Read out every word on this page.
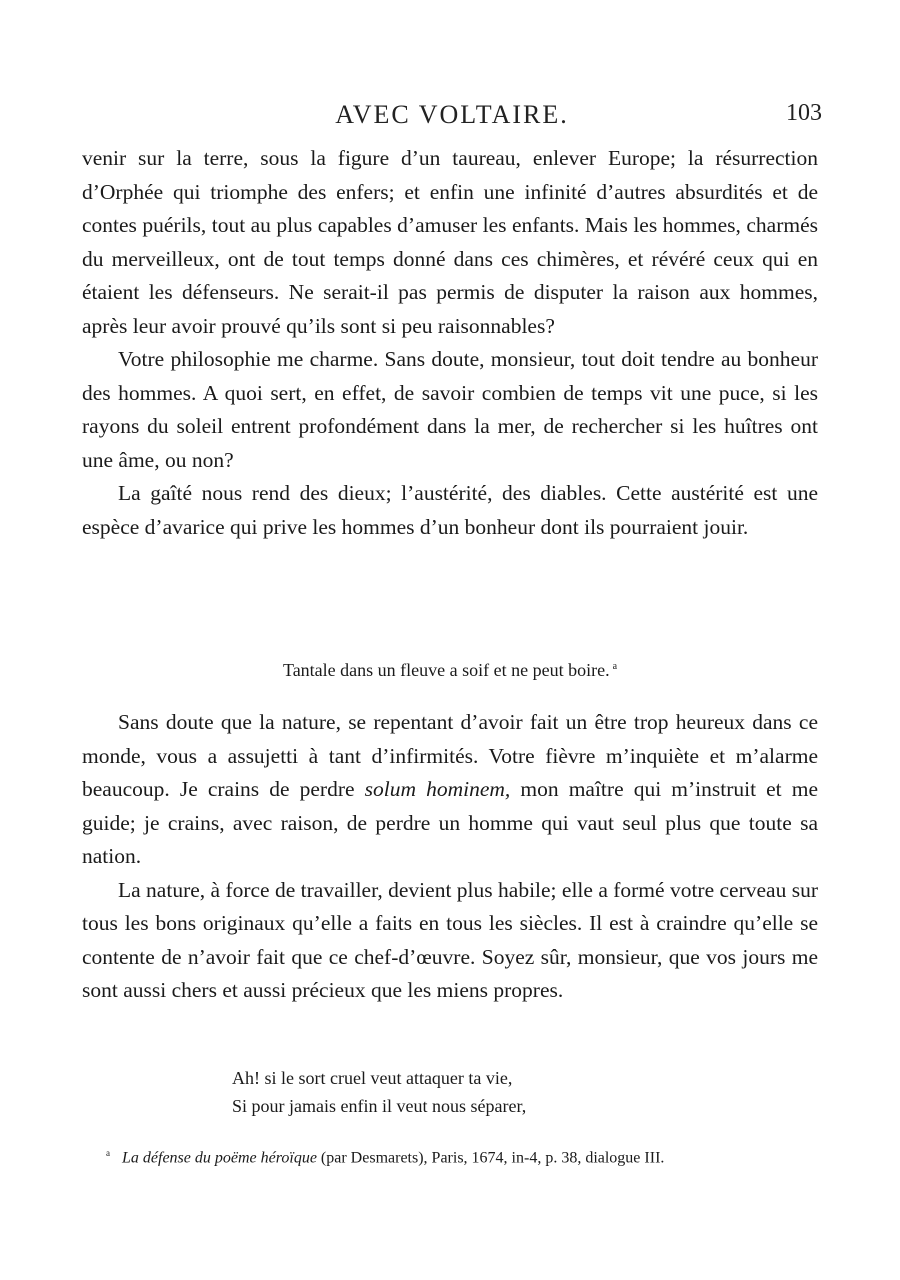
AVEC VOLTAIRE.	103

venir sur la terre, sous la figure d’un taureau, enlever Europe; la résurrection d’Orphée qui triomphe des enfers; et enfin une infinité d’autres absurdités et de contes puérils, tout au plus capables d’amuser les enfants. Mais les hommes, charmés du merveilleux, ont de tout temps donné dans ces chimères, et révéré ceux qui en étaient les défenseurs. Ne serait-il pas permis de disputer la raison aux hommes, après leur avoir prouvé qu’ils sont si peu raisonnables?

Votre philosophie me charme. Sans doute, monsieur, tout doit tendre au bonheur des hommes. A quoi sert, en effet, de savoir combien de temps vit une puce, si les rayons du soleil entrent profondément dans la mer, de rechercher si les huîtres ont une âme, ou non?

La gaîté nous rend des dieux; l’austérité, des diables. Cette austérité est une espèce d’avarice qui prive les hommes d’un bonheur dont ils pourraient jouir.

Tantale dans un fleuve a soif et ne peut boire. $^a$

Sans doute que la nature, se repentant d’avoir fait un être trop heureux dans ce monde, vous a assujetti à tant d’infirmités. Votre fièvre m’inquiète et m’alarme beaucoup. Je crains de perdre solum hominem, mon maître qui m’instruit et me guide; je crains, avec raison, de perdre un homme qui vaut seul plus que toute sa nation.

La nature, à force de travailler, devient plus habile; elle a formé votre cerveau sur tous les bons originaux qu’elle a faits en tous les siècles. Il est à craindre qu’elle se contente de n’avoir fait que ce chef-d’œuvre. Soyez sûr, monsieur, que vos jours me sont aussi chers et aussi précieux que les miens propres.

Ah! si le sort cruel veut attaquer ta vie,
Si pour jamais enfin il veut nous séparer,
$^a$ La défense du poëme héroïque (par Desmarets), Paris, 1674, in-4, p. 38, dialogue III.
